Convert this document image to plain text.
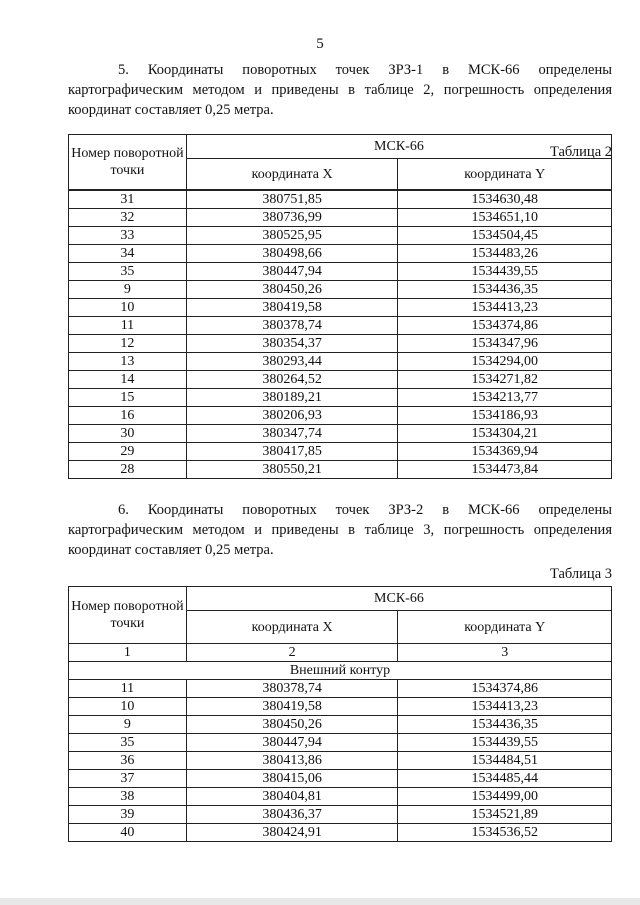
5
5. Координаты поворотных точек ЗРЗ-1 в МСК-66 определены картографическим методом и приведены в таблице 2, погрешность определения координат составляет 0,25 метра.
Таблица 2
Номер поворотной точки	МСК-66	
	координата X	координата Y
31	380751,85	1534630,48
32	380736,99	1534651,10
33	380525,95	1534504,45
34	380498,66	1534483,26
35	380447,94	1534439,55
9	380450,26	1534436,35
10	380419,58	1534413,23
11	380378,74	1534374,86
12	380354,37	1534347,96
13	380293,44	1534294,00
14	380264,52	1534271,82
15	380189,21	1534213,77
16	380206,93	1534186,93
30	380347,74	1534304,21
29	380417,85	1534369,94
28	380550,21	1534473,84
6. Координаты поворотных точек ЗРЗ-2 в МСК-66 определены картографическим методом и приведены в таблице 3, погрешность определения координат составляет 0,25 метра.
Таблица 3
Номер поворотной точки	МСК-66	
	координата X	координата Y
1	2	3
Внешний контур		
11	380378,74	1534374,86
10	380419,58	1534413,23
9	380450,26	1534436,35
35	380447,94	1534439,55
36	380413,86	1534484,51
37	380415,06	1534485,44
38	380404,81	1534499,00
39	380436,37	1534521,89
40	380424,91	1534536,52
